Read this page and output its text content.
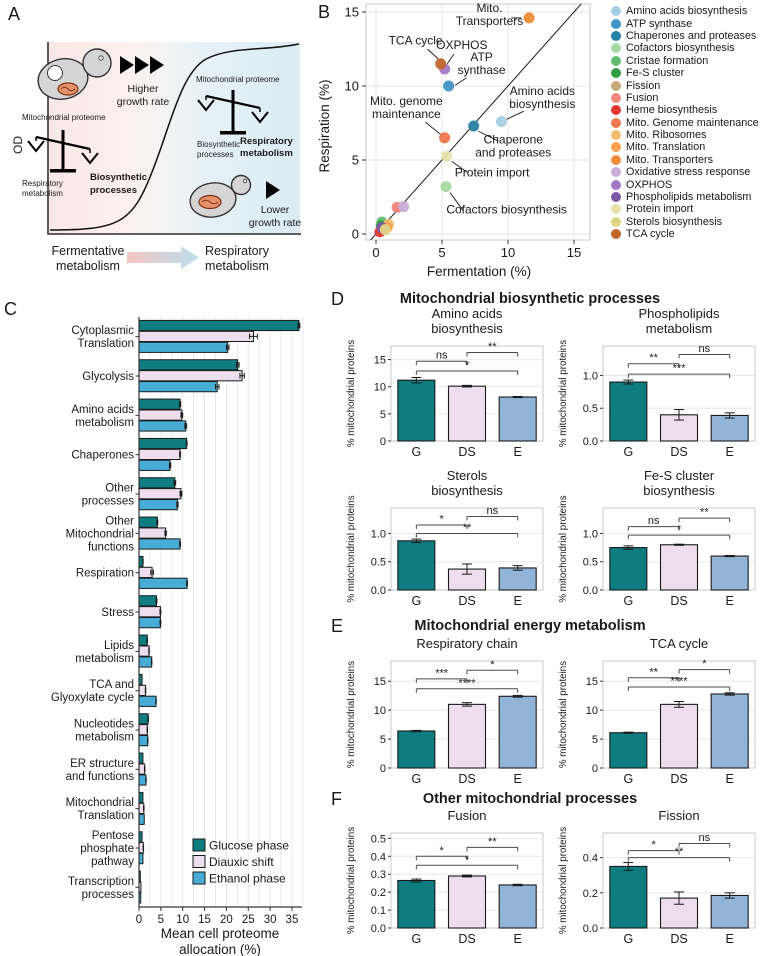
A
OD
Higher
growth rate
Mitochondrial proteome
Respiratory
metabolism
Biosynthetic
processes
Mitochondrial proteome
Biosynthetic
processes
Respiratory
metabolism
Lower
growth rate
Fermentative
metabolism
Respiratory
metabolism
B
Fermentation (%)
Respiration (%)
0
0
5
5
10
10
15
15	Mito.
Transporters
TCA cycle
OXPHOS
ATP
synthase
Amino acids
biosynthesis
Mito. genome
maintenance
Chaperone
and proteases
Protein import
Cofactors biosynthesis
Amino acids biosynthesis
ATP synthase
Chaperones and proteases
Cofactors biosynthesis
Cristae formation
Fe-S cluster
Fission
Fusion
Heme biosynthesis
Mito. Genome maintenance
Mito. Ribosomes
Mito. Translation
Mito. Transporters
Oxidative stress response
OXPHOS
Phospholipids metabolism
Protein import
Sterols biosynthesis
TCA cycle
C
Mean cell proteome
allocation (%)
Cytoplasmic
Translation
Glycolysis
Amino acids
metabolism
Chaperones
Other
processes
Other
Mitochondrial
functions
Respiration
Stress
Lipids
metabolism
TCA and
Glyoxylate cycle
Nucleotides
metabolism
ER structure
and functions
Mitochondrial
Translation
Pentose
phosphate
pathway
Transcription
processes
0 5 10 15 20 25 30 35
Glucose phase
Diauxic shift
Ethanol phase
D	Mitochondrial biosynthetic processes
E	Mitochondrial energy metabolism
F	Other mitochondrial processes
Amino acids
biosynthesis
0
5
10
15
G	DS	E
ns
*
**
% mitochondrial proteins
Phospholipids
metabolism
0.0
0.5
1.0
G	DS	E
**
***
ns
% mitochondrial proteins
Sterols
biosynthesis
0.0
0.5
1.0
G	DS	E
*
**
ns
% mitochondrial proteins
Fe-S cluster
biosynthesis
0.0
0.5
1.0
G	DS	E
ns
*
**
% mitochondrial proteins
Respiratory chain
0
5
10
15
G	DS	E
***
****
*
% mitochondrial proteins
TCA cycle
0
5
10
15
G	DS	E
**
****
*
% mitochondrial proteins
Fusion
0.0
0.1
0.2
0.3
0.4
0.5
G	DS	E
*
*
**
% mitochondrial proteins
Fission
0.0
0.2
0.4
G	DS	E
*
**
ns
% mitochondrial proteins
